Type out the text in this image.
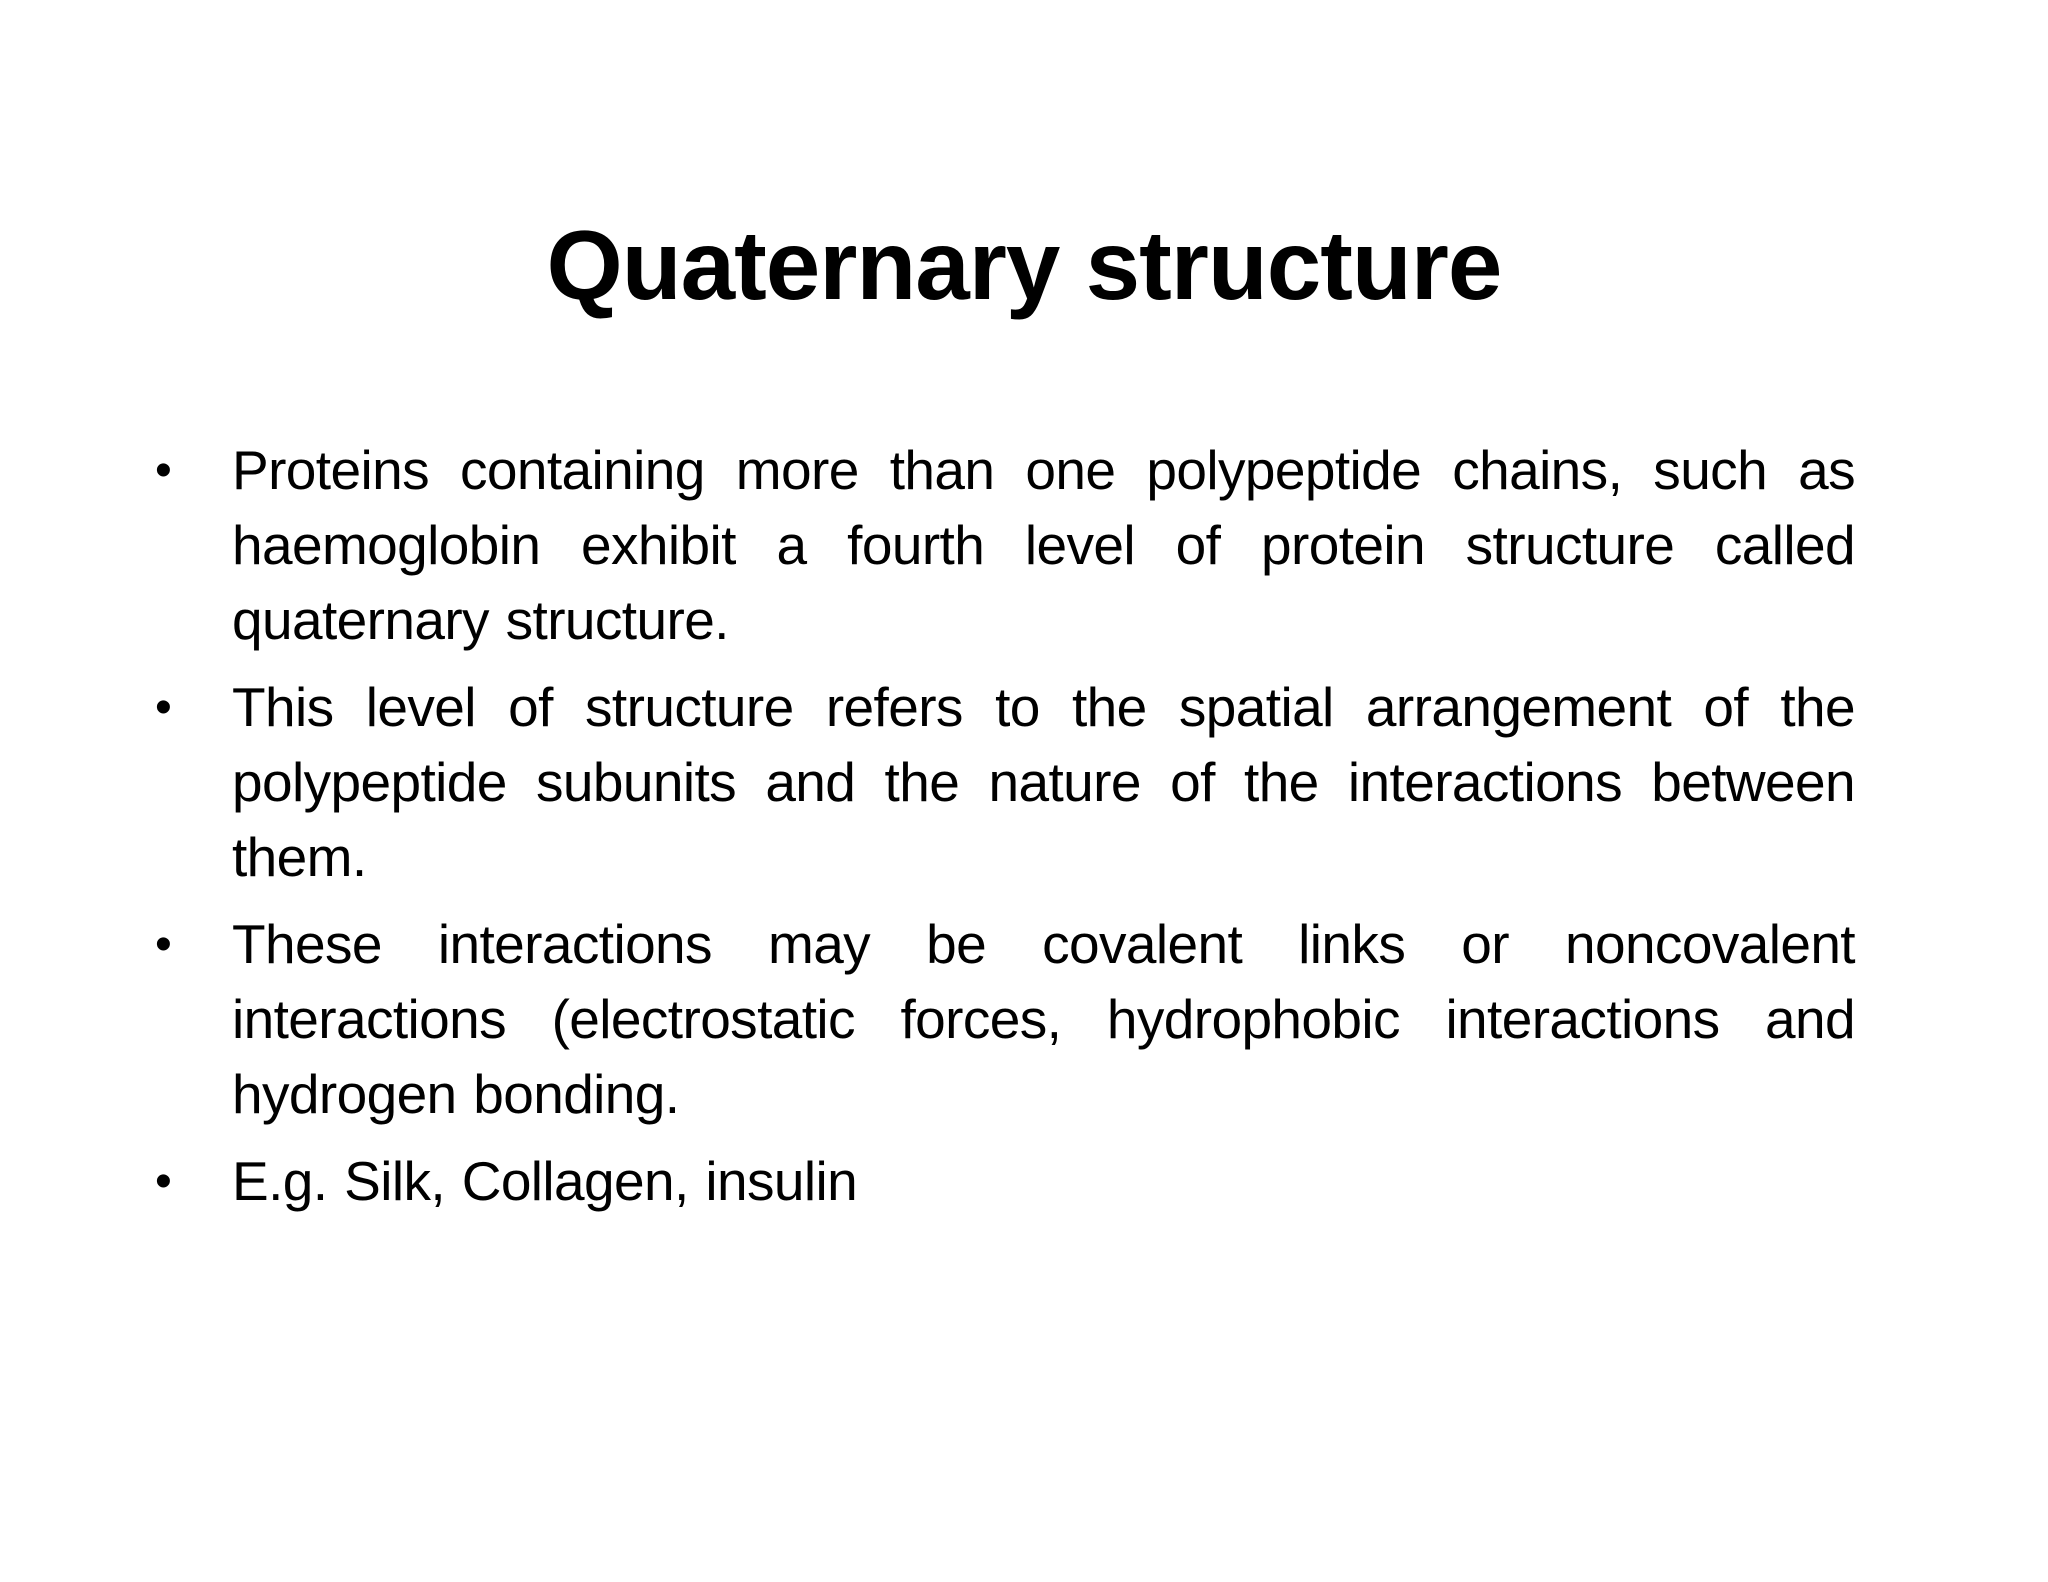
Quaternary structure
• Proteins containing more than one polypeptide chains, such as haemoglobin exhibit a fourth level of protein structure called quaternary structure.
• This level of structure refers to the spatial arrangement of the polypeptide subunits and the nature of the interactions between them.
• These interactions may be covalent links or noncovalent interactions (electrostatic forces, hydrophobic interactions and hydrogen bonding.
• E.g. Silk, Collagen, insulin
